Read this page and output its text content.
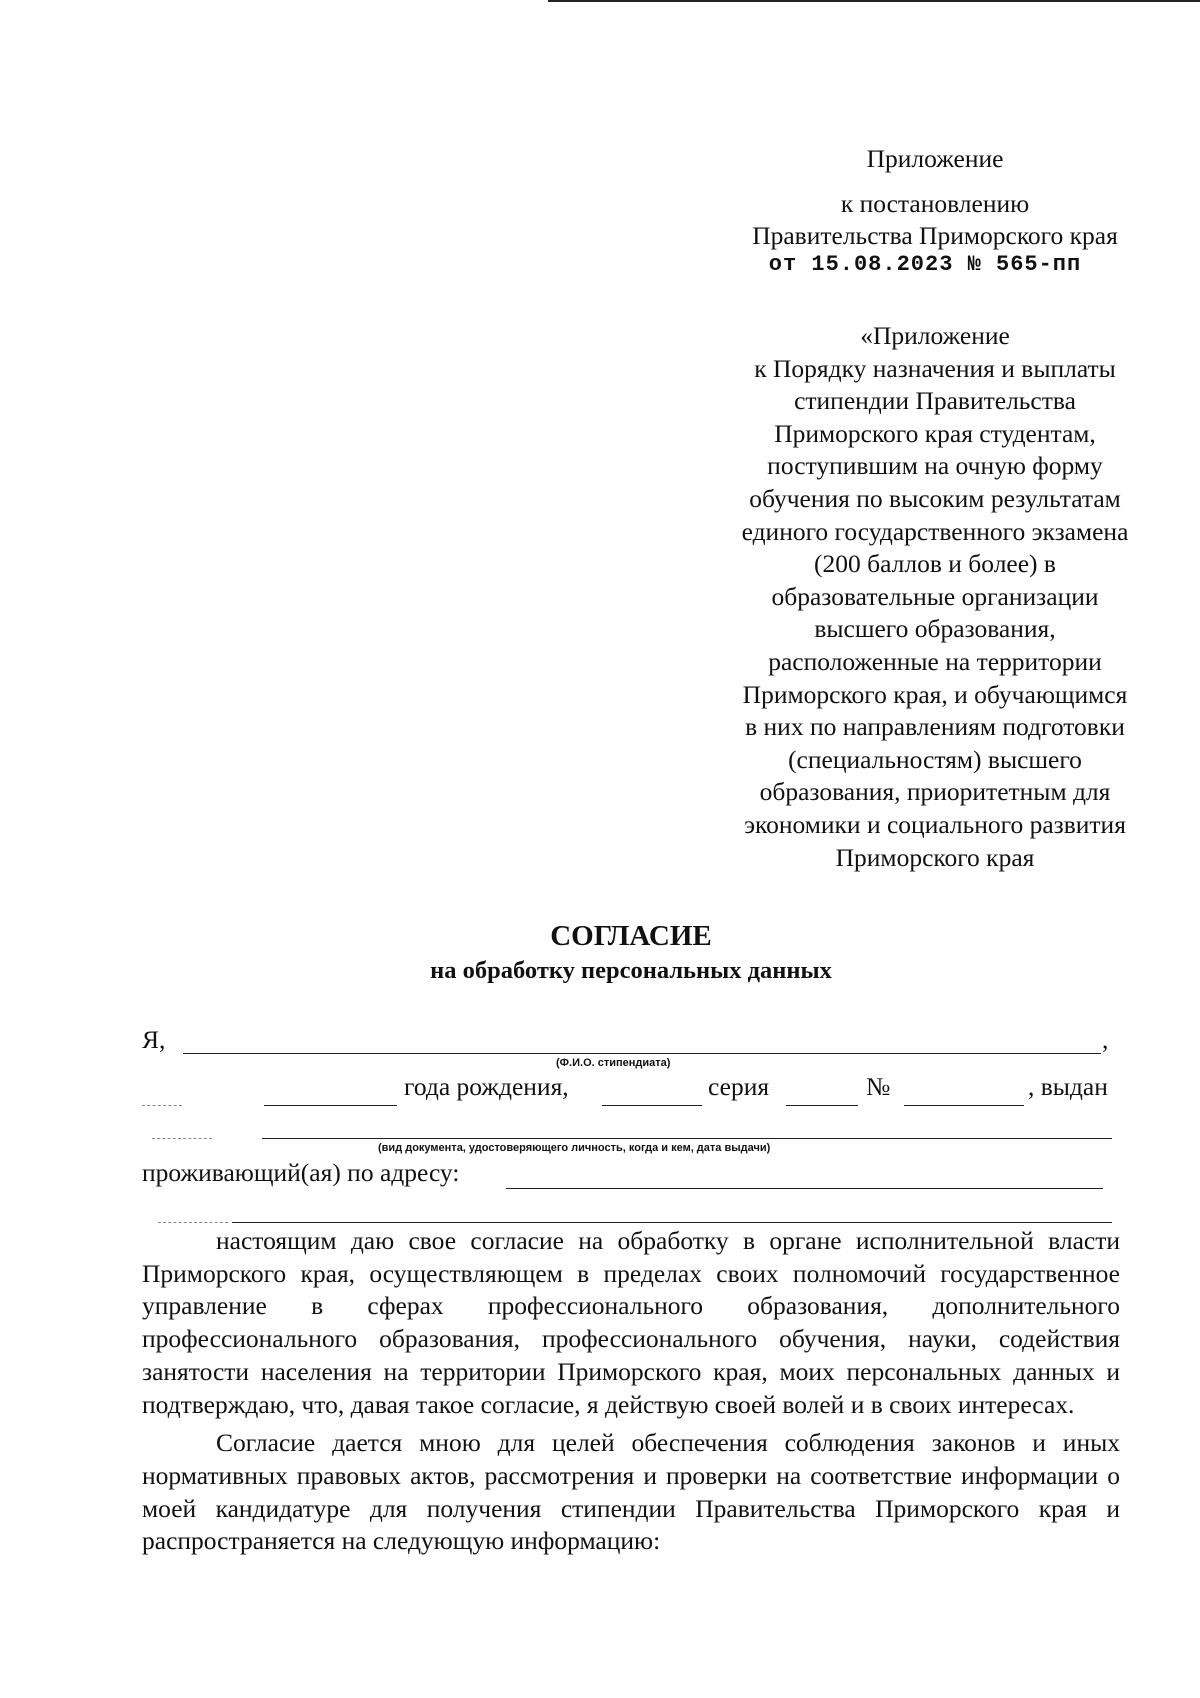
Приложение
к постановлению
Правительства Приморского края
от 15.08.2023 № 565-пп
«Приложение
к Порядку назначения и выплаты
стипендии Правительства
Приморского края студентам,
поступившим на очную форму
обучения по высоким результатам
единого государственного экзамена
(200 баллов и более) в
образовательные организации
высшего образования,
расположенные на территории
Приморского края, и обучающимся
в них по направлениям подготовки
(специальностям) высшего
образования, приоритетным для
экономики и социального развития
Приморского края
СОГЛАСИЕ
на обработку персональных данных
Я,	,
(Ф.И.О. стипендиата)
года рождения,	серия	№	, выдан
(вид документа, удостоверяющего личность, когда и кем, дата выдачи)
проживающий(ая) по адресу:

настоящим даю свое согласие на обработку в органе исполнительной власти Приморского края, осуществляющем в пределах своих полномочий государственное управление в сферах профессионального образования, дополнительного профессионального образования, профессионального обучения, науки, содействия занятости населения на территории Приморского края, моих персональных данных и подтверждаю, что, давая такое согласие, я действую своей волей и в своих интересах.

Согласие дается мною для целей обеспечения соблюдения законов и иных нормативных правовых актов, рассмотрения и проверки на соответствие информации о моей кандидатуре для получения стипендии Правительства Приморского края и распространяется на следующую информацию:
